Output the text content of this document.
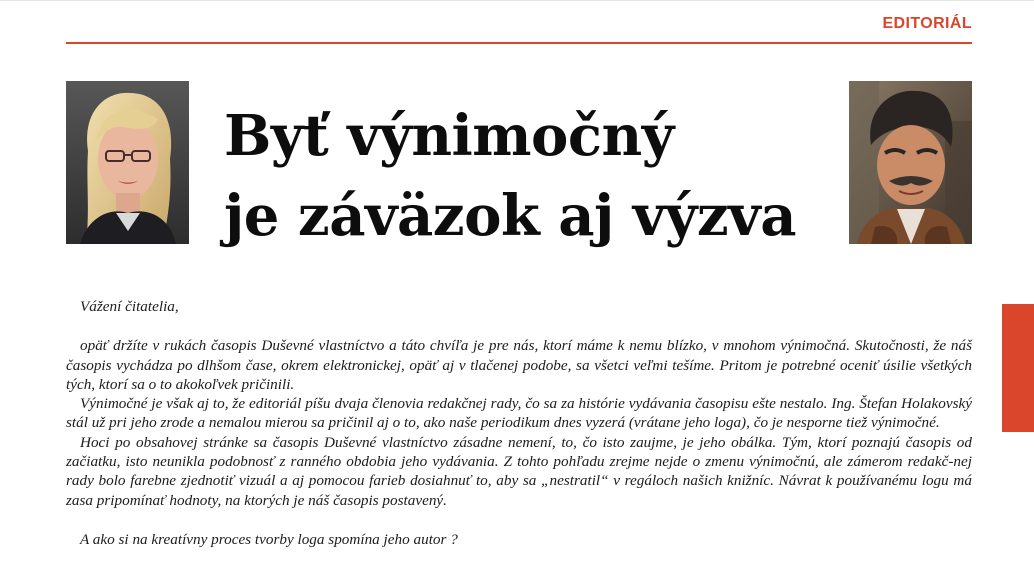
EDITORIÁL
Byť výnimočný
je záväzok aj výzva

Vážení čitatelia,

opäť držíte v rukách časopis Duševné vlastníctvo a táto chvíľa je pre nás, ktorí máme k nemu blízko, v mnohom výnimočná. Skutočnosti, že náš časopis vychádza po dlhšom čase, okrem elektronickej, opäť aj v tlačenej podobe, sa všetci veľmi tešíme. Pritom je potrebné oceniť úsilie všetkých tých, ktorí sa o to akokoľvek pričinili.

Výnimočné je však aj to, že editoriál píšu dvaja členovia redakčnej rady, čo sa za histórie vydávania časopisu ešte nestalo. Ing. Štefan Holakovský stál už pri jeho zrode a nemalou mierou sa pričinil aj o to, ako naše periodikum dnes vyzerá (vrátane jeho loga), čo je nesporne tiež výnimočné.

Hoci po obsahovej stránke sa časopis Duševné vlastníctvo zásadne nemení, to, čo isto zaujme, je jeho obálka. Tým, ktorí poznajú časopis od začiatku, isto neuniklа podobnosť z ranného obdobia jeho vydávania. Z tohto pohľadu zrejme nejde o zmenu výnimočnú, ale zámerom redakč-nej rady bolo farebne zjednotiť vizuál a aj pomocou farieb dosiahnuť to, aby sa „nestratil“ v regáloch našich knižníc. Návrat k používanému logu má zasa pripomínať hodnoty, na ktorých je náš časopis postavený.

A ako si na kreatívny proces tvorby loga spomína jeho autor ?
